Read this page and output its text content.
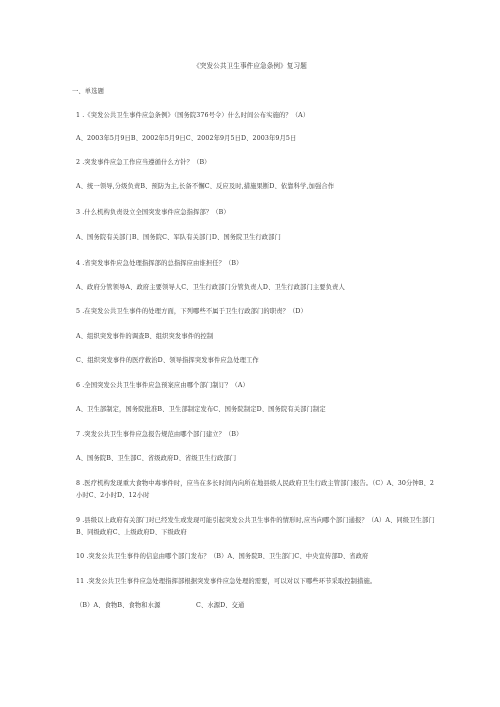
《突发公共卫生事件应急条例》复习题
一、单选题
1 .《突发公共卫生事件应急条例》（国务院376号令）什么时间公布实施的？（A）
A、2003年5月9日B、2002年5月9日C、2002年9月5日D、2003年9月5日
2 .突发事件应急工作应当遵循什么方针？（B）
A、统一领导,分级负责B、预防为主,长备不懈C、反应及时,措施果断D、依靠科学,加强合作
3 .什么机构负责设立全国突发事件应急指挥部？（B）
A、国务院有关部门B、国务院C、军队有关部门D、国务院卫生行政部门
4 .省突发事件应急处理指挥部的总指挥应由谁担任？（B）
A、政府分管领导A、政府主要领导人C、卫生行政部门分管负责人D、卫生行政部门主要负责人
5 .在突发公共卫生事件的处理方面，下列哪些不属于卫生行政部门的职责？（D）
A、组织突发事件的调查B、组织突发事件的控制
C、组织突发事件的医疗救治D、领导指挥突发事件应急处理工作
6 .全国突发公共卫生事件应急预案应由哪个部门制订？（A）
A、卫生部制定，国务院批准B、卫生部制定发布C、国务院制定D、国务院有关部门制定
7 .突发公共卫生事件应急报告规范由哪个部门建立？（B）
A、国务院B、卫生部C、省级政府D、省级卫生行政部门
8 .医疗机构发现重大食物中毒事件时，应当在多长时间内向所在地县级人民政府卫生行政主管部门报告。（C）A、30分钟B、2小时C、2小时D、12小时
9 .县级以上政府有关部门对已经发生或发现可能引起突发公共卫生事件的情形时,应当向哪个部门通报？（A）A、同级卫生部门B、同级政府C、上级政府D、下级政府
10 .突发公共卫生事件的信息由哪个部门发布？（B）A、国务院B、卫生部门C、中央宣传部D、省政府
11 .突发公共卫生事件应急处理指挥部根据突发事件应急处理的需要，可以对以下哪些环节采取控制措施。
（B）A、食物B、食物和水源	C、水源D、交通
